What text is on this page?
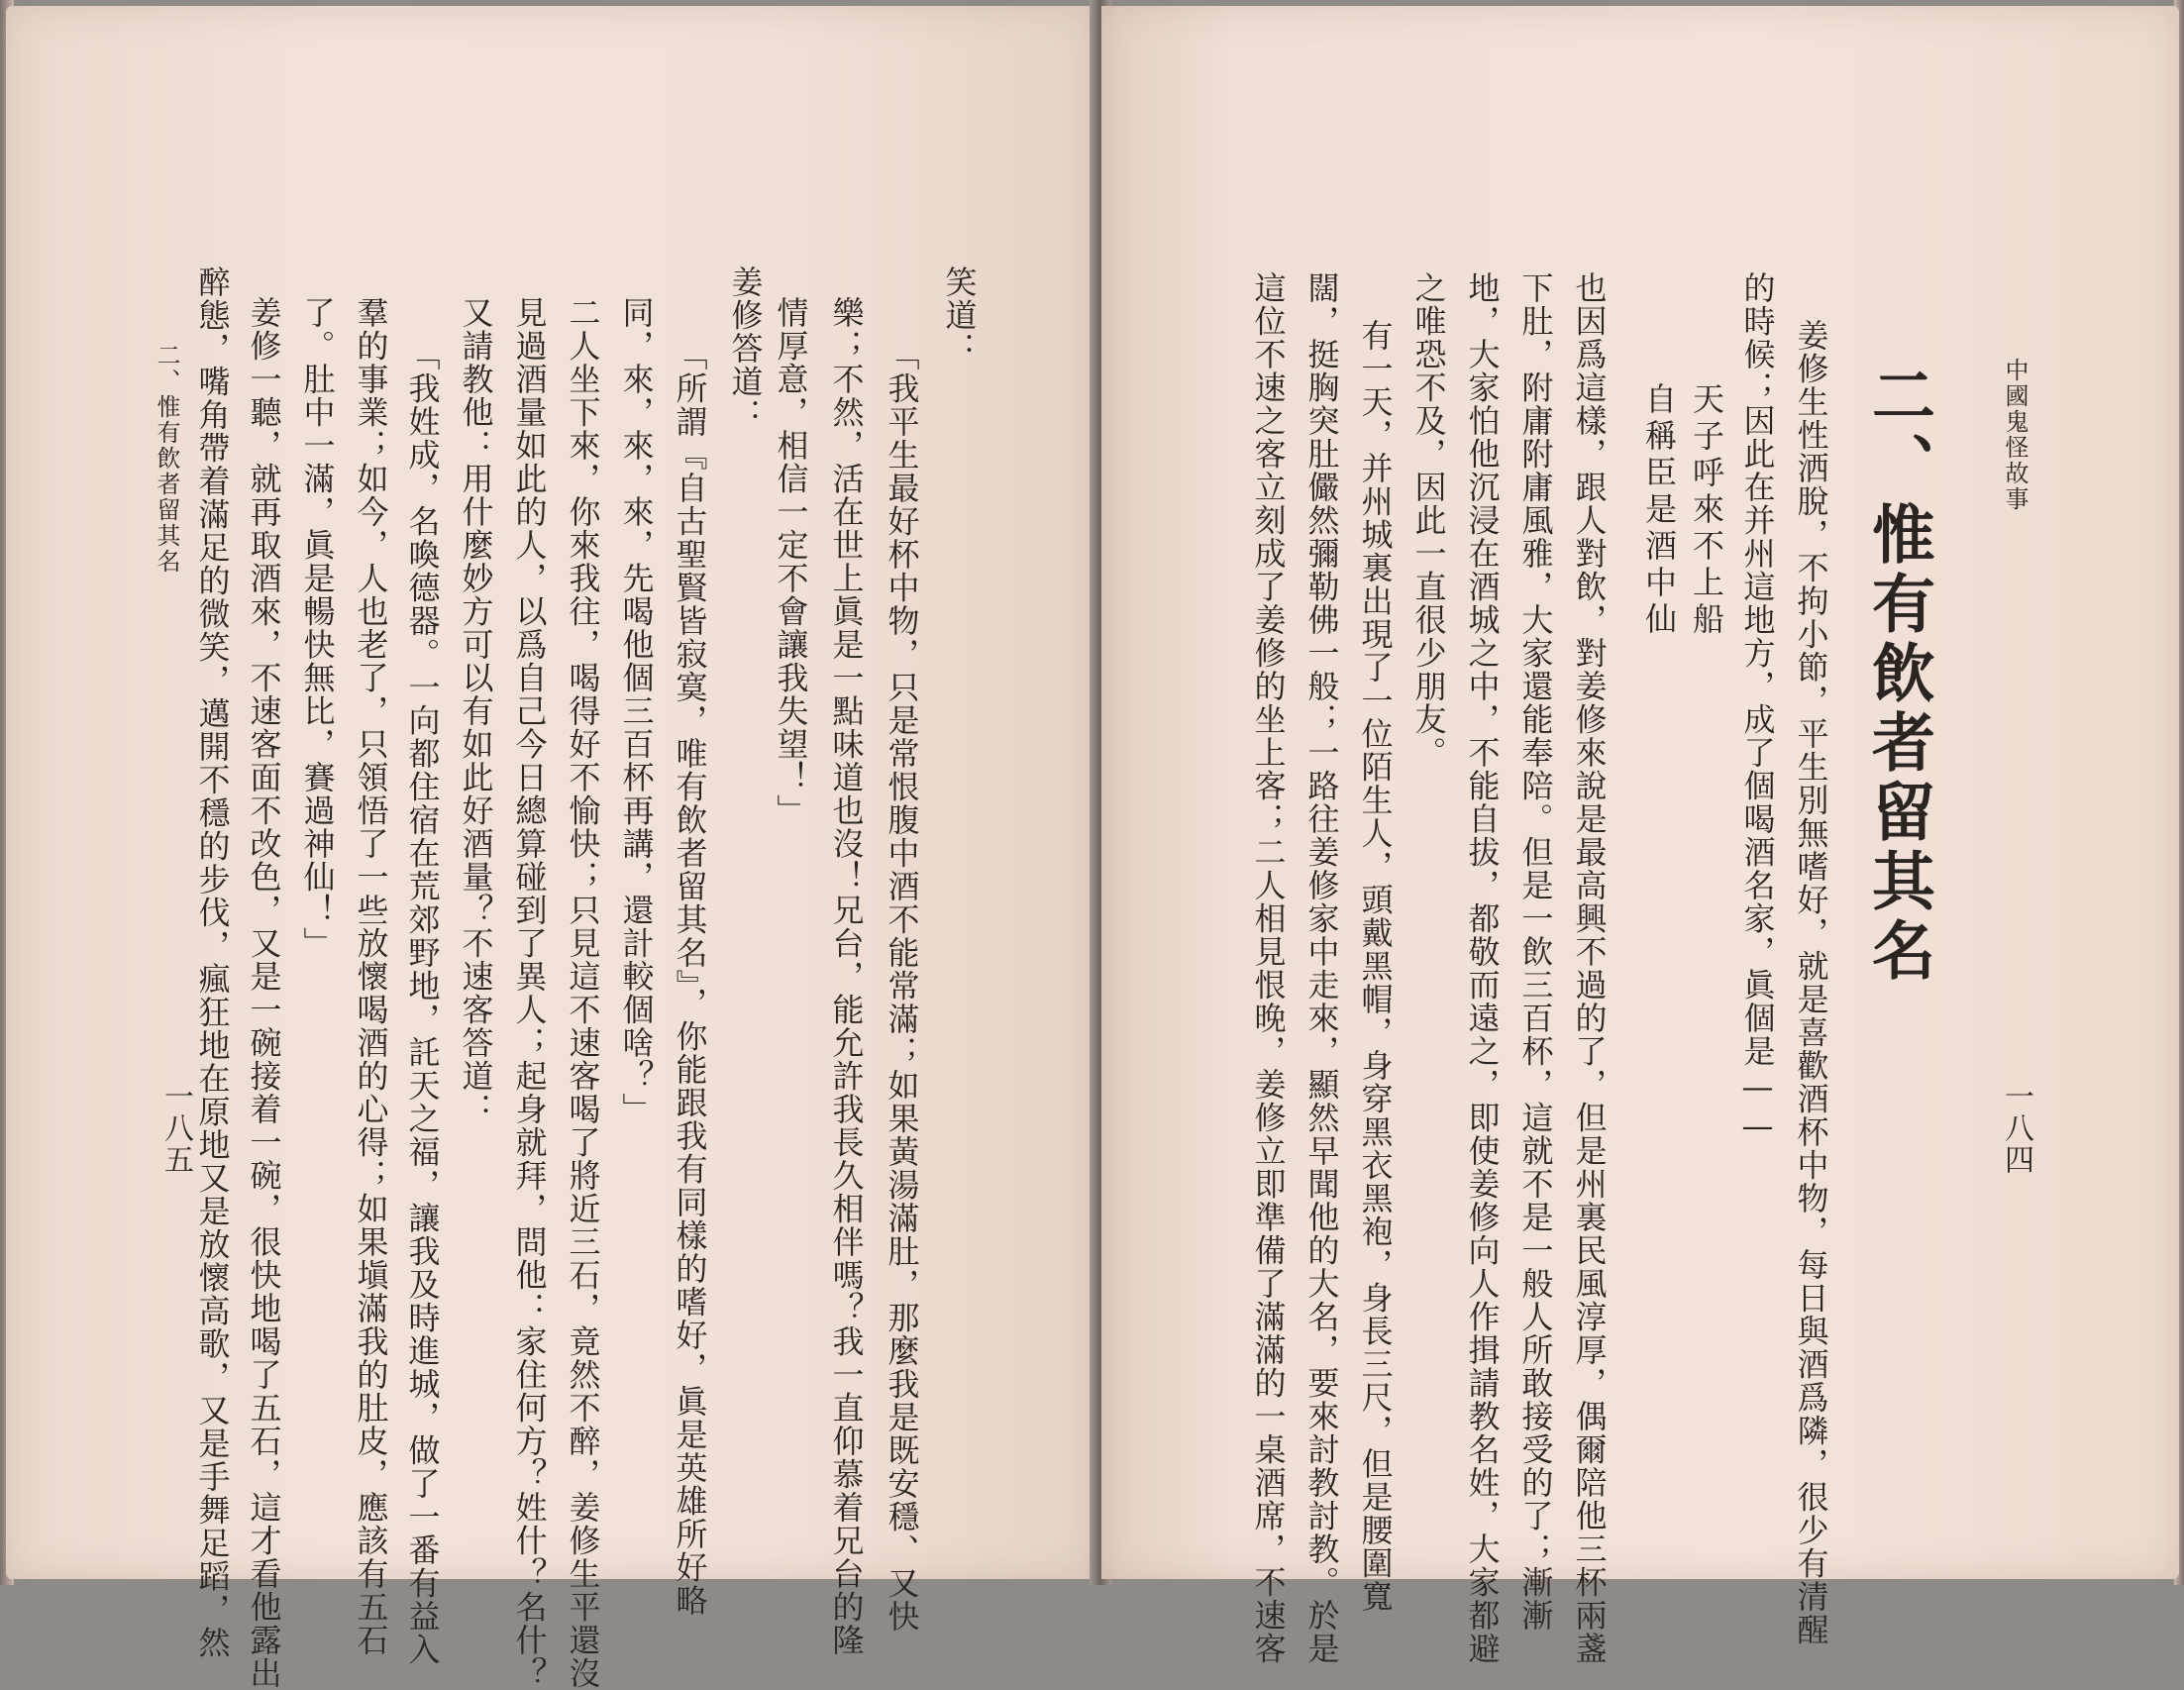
笑道：
「我平生最好杯中物，只是常恨腹中酒不能常滿；如果黃湯滿肚，那麼我是既安穩、又快
樂；不然，活在世上眞是一點味道也沒！兄台，能允許我長久相伴嗎？我一直仰慕着兄台的隆
情厚意，相信一定不會讓我失望！」
姜修答道：
「所謂『自古聖賢皆寂寞，唯有飲者留其名』，你能跟我有同樣的嗜好，眞是英雄所好略
同，來，來，來，先喝他個三百杯再講，還計較個啥？」
二人坐下來，你來我往，喝得好不愉快；只見這不速客喝了將近三石，竟然不醉，姜修生平還沒
見過酒量如此的人，以爲自己今日總算碰到了異人；起身就拜，問他：家住何方？姓什？名什？
又請教他：用什麼妙方可以有如此好酒量？不速客答道：
「我姓成，名喚德器。一向都住宿在荒郊野地，託天之福，讓我及時進城，做了一番有益入
羣的事業；如今，人也老了，只領悟了一些放懷喝酒的心得；如果塡滿我的肚皮，應該有五石
了。肚中一滿，眞是暢快無比，賽過神仙！」
姜修一聽，就再取酒來，不速客面不改色，又是一碗接着一碗，很快地喝了五石，這才看他露出
醉態，嘴角帶着滿足的微笑，邁開不穩的步伐，瘋狂地在原地又是放懷高歌，又是手舞足蹈，然
二、惟有飲者留其名
一八五
中國鬼怪故事
一八四
二、惟有飲者留其名
姜修生性洒脫，不拘小節，平生別無嗜好，就是喜歡酒杯中物，每日與酒爲隣，很少有清醒
的時候；因此在并州這地方，成了個喝酒名家，眞個是——
天子呼來不上船
自稱臣是酒中仙
也因爲這樣，跟人對飲，對姜修來說是最高興不過的了，但是州裏民風淳厚，偶爾陪他三杯兩盞
下肚，附庸附庸風雅，大家還能奉陪。但是一飲三百杯，這就不是一般人所敢接受的了；漸漸
地，大家怕他沉浸在酒城之中，不能自拔，都敬而遠之，即使姜修向人作揖請教名姓，大家都避
之唯恐不及，因此一直很少朋友。
有一天，并州城裏出現了一位陌生人，頭戴黑帽，身穿黑衣黑袍，身長三尺，但是腰圍寬
闊，挺胸突肚儼然彌勒佛一般；一路往姜修家中走來，顯然早聞他的大名，要來討教討教。於是
這位不速之客立刻成了姜修的坐上客；二人相見恨晚，姜修立即準備了滿滿的一桌酒席，不速客
